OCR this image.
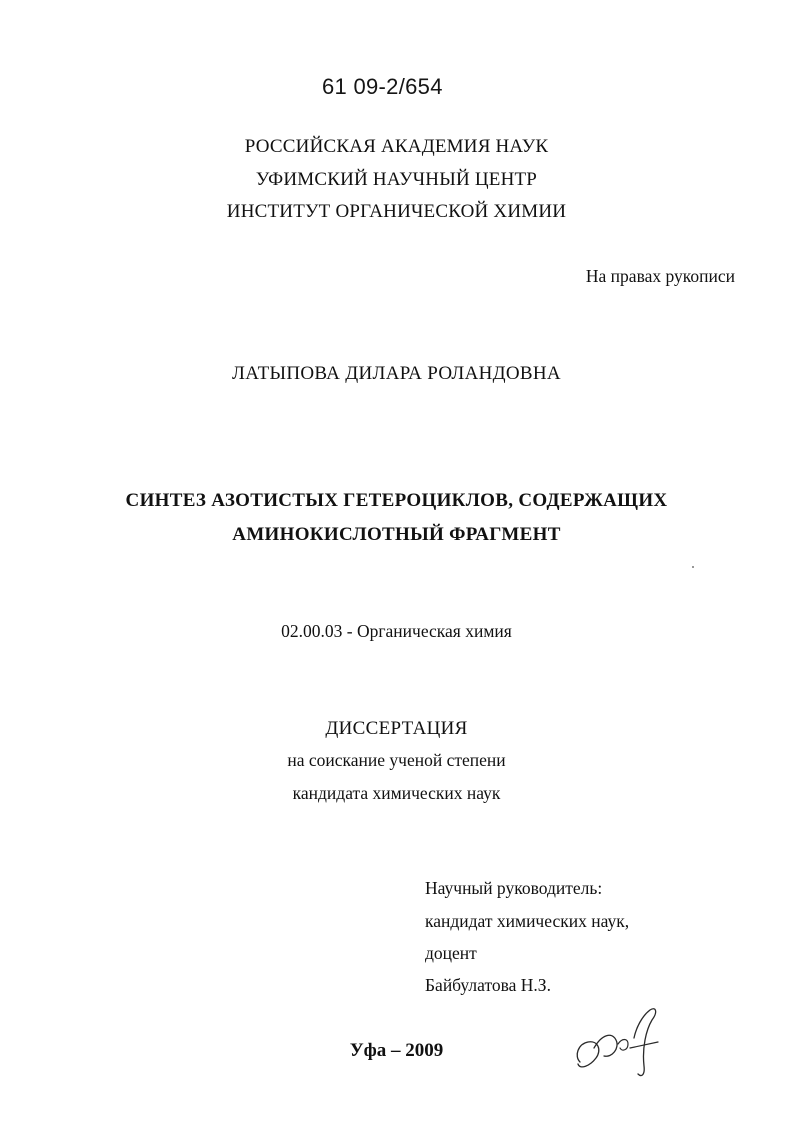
61 09-2/654
РОССИЙСКАЯ АКАДЕМИЯ НАУК
УФИМСКИЙ НАУЧНЫЙ ЦЕНТР
ИНСТИТУТ ОРГАНИЧЕСКОЙ ХИМИИ
На правах рукописи
ЛАТЫПОВА ДИЛАРА РОЛАНДОВНА
СИНТЕЗ АЗОТИСТЫХ ГЕТЕРОЦИКЛОВ, СОДЕРЖАЩИХ
АМИНОКИСЛОТНЫЙ ФРАГМЕНТ
02.00.03 - Органическая химия
ДИССЕРТАЦИЯ
на соискание ученой степени
кандидата химических наук
Научный руководитель:
кандидат химических наук,
доцент
Байбулатова Н.З.
Уфа – 2009
